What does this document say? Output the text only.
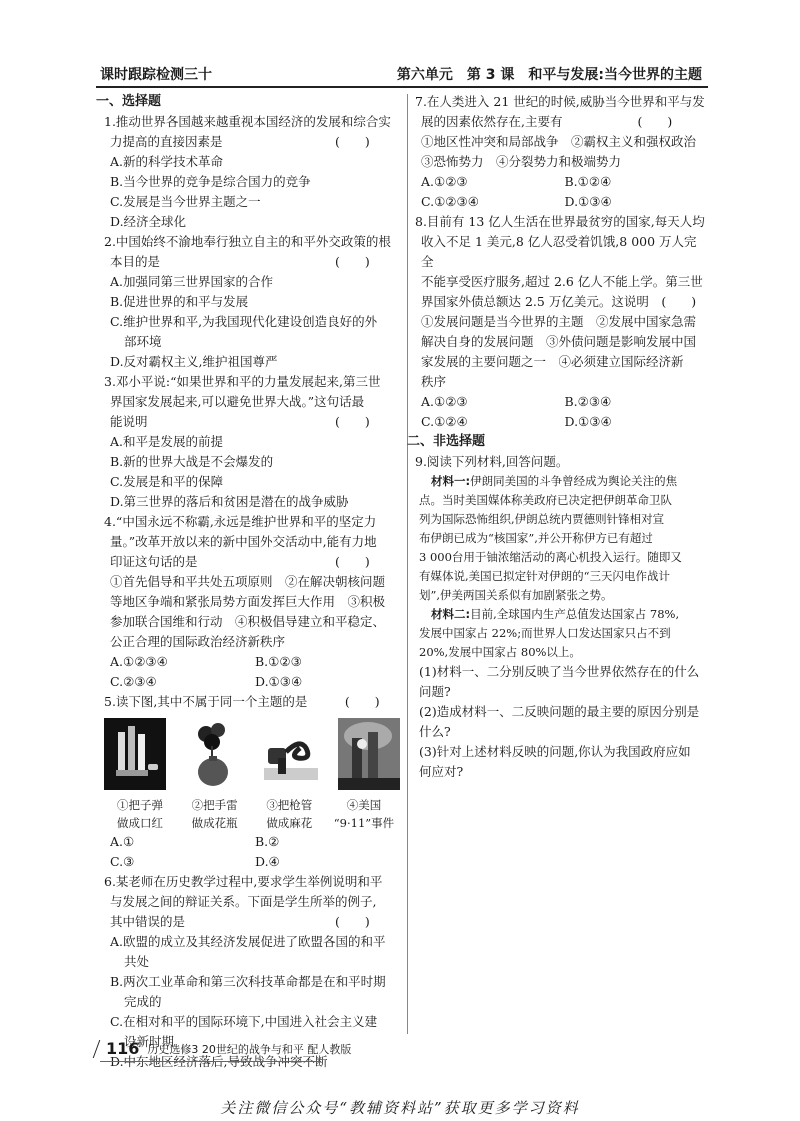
课时跟踪检测三十	第六单元　第 3 课　和平与发展:当今世界的主题
一、选择题
1.推动世界各国越来越重视本国经济的发展和综合实
力提高的直接因素是　　　　　　　　　(　　)
A.新的科学技术革命
B.当今世界的竞争是综合国力的竞争
C.发展是当今世界主题之一
D.经济全球化
2.中国始终不渝地奉行独立自主的和平外交政策的根
本目的是　　　　　　　　　　　　　　(　　)
A.加强同第三世界国家的合作
B.促进世界的和平与发展
C.维护世界和平,为我国现代化建设创造良好的外
部环境
D.反对霸权主义,维护祖国尊严
3.邓小平说:“如果世界和平的力量发展起来,第三世
界国家发展起来,可以避免世界大战。”这句话最
能说明　　　　　　　　　　　　　　　(　　)
A.和平是发展的前提
B.新的世界大战是不会爆发的
C.发展是和平的保障
D.第三世界的落后和贫困是潜在的战争威胁
4.“中国永远不称霸,永远是维护世界和平的坚定力
量。”改革开放以来的新中国外交活动中,能有力地
印证这句话的是　　　　　　　　　　　(　　)
①首先倡导和平共处五项原则　②在解决朝核问题
等地区争端和紧张局势方面发挥巨大作用　③积极
参加联合国维和行动　④积极倡导建立和平稳定、
公正合理的国际政治经济新秩序
A.①②③④	B.①②③
C.②③④	D.①③④
5.读下图,其中不属于同一个主题的是　　　(　　)
①把子弹	②把手雷	③把枪管	④美国
做成口红	做成花瓶	做成麻花	“9·11”事件
A.①	B.②
C.③	D.④
6.某老师在历史教学过程中,要求学生举例说明和平
与发展之间的辩证关系。下面是学生所举的例子,
其中错误的是　　　　　　　　　　　　(　　)
A.欧盟的成立及其经济发展促进了欧盟各国的和平
共处
B.两次工业革命和第三次科技革命都是在和平时期
完成的
C.在相对和平的国际环境下,中国进入社会主义建
设新时期
D.中东地区经济落后,导致战争冲突不断
7.在人类进入 21 世纪的时候,威胁当今世界和平与发
展的因素依然存在,主要有　　　　　　(　　)
①地区性冲突和局部战争　②霸权主义和强权政治
③恐怖势力　④分裂势力和极端势力
A.①②③	B.①②④
C.①②③④	D.①③④
8.目前有 13 亿人生活在世界最贫穷的国家,每天人均
收入不足 1 美元,8 亿人忍受着饥饿,8 000 万人完全
不能享受医疗服务,超过 2.6 亿人不能上学。第三世
界国家外债总额达 2.5 万亿美元。这说明　(　　)
①发展问题是当今世界的主题　②发展中国家急需
解决自身的发展问题　③外债问题是影响发展中国
家发展的主要问题之一　④必须建立国际经济新
秩序
A.①②③	B.②③④
C.①②④	D.①③④
二、非选择题
9.阅读下列材料,回答问题。
材料一:伊朗同美国的斗争曾经成为舆论关注的焦
点。当时美国媒体称美政府已决定把伊朗革命卫队
列为国际恐怖组织,伊朗总统内贾德则针锋相对宣
布伊朗已成为“核国家”,并公开称伊方已有超过
3 000台用于铀浓缩活动的离心机投入运行。随即又
有媒体说,美国已拟定针对伊朗的“三天闪电作战计
划”,伊美两国关系似有加剧紧张之势。
材料二:目前,全球国内生产总值发达国家占 78%,
发展中国家占 22%;而世界人口发达国家只占不到
20%,发展中国家占 80%以上。
(1)材料一、二分别反映了当今世界依然存在的什么
问题?
(2)造成材料一、二反映问题的最主要的原因分别是
什么?
(3)针对上述材料反映的问题,你认为我国政府应如
何应对?
116 历史选修3 20世纪的战争与和平 配人教版
关注微信公众号“教辅资料站”获取更多学习资料
